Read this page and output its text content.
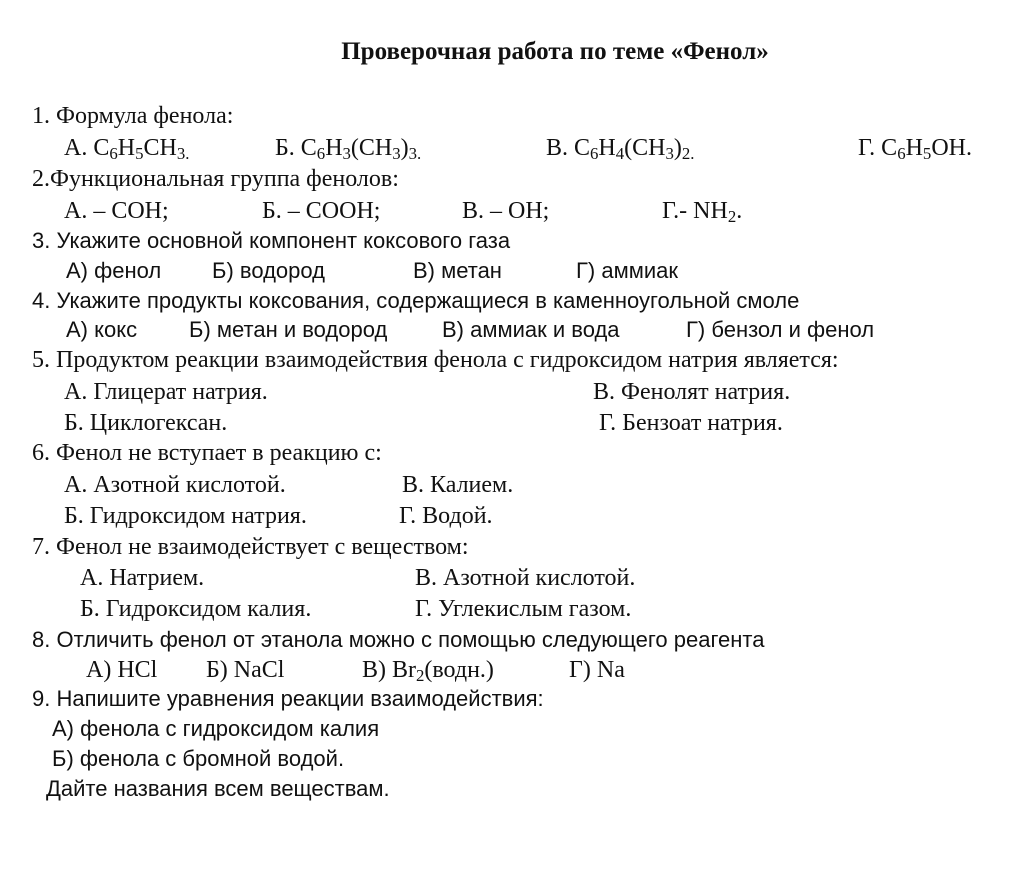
Проверочная работа по теме «Фенол»
1. Формула фенола:
А. $С_6Н_5СН_{3.}$	Б. $С_6Н_3(СН_3)_{3.}$	В. $С_6Н_4(СН_3)_{2.}$	Г. $С_6Н_5ОН$.
2.Функциональная группа фенолов:
А. – СОН;	Б. – СООН;	В. – ОН;	Г.- $NH_2$.
3. Укажите основной компонент коксового газа
А) фенол Б) водород	В) метан	Г) аммиак
4. Укажите продукты коксования, содержащиеся в каменноугольной смоле
А) кокс Б) метан и водород В) аммиак и вода	Г) бензол и фенол
5. Продуктом реакции взаимодействия фенола с гидроксидом натрия является:
А. Глицерат натрия.	В. Фенолят натрия.
Б. Циклогексан.	Г. Бензоат натрия.
6. Фенол не вступает в реакцию с:
А. Азотной кислотой.	В. Калием.
Б. Гидроксидом натрия.	Г. Водой.
7. Фенол не взаимодействует с веществом:
А. Натрием.	В. Азотной кислотой.
Б. Гидроксидом калия.	Г. Углекислым газом.
8. Отличить фенол от этанола можно с помощью следующего реагента
А) HCl Б) NaCl	В) $Br_2(водн.)$	Г) Na
9. Напишите уравнения реакции взаимодействия:
А) фенола с гидроксидом калия
Б) фенола с бромной водой.
Дайте названия всем веществам.
